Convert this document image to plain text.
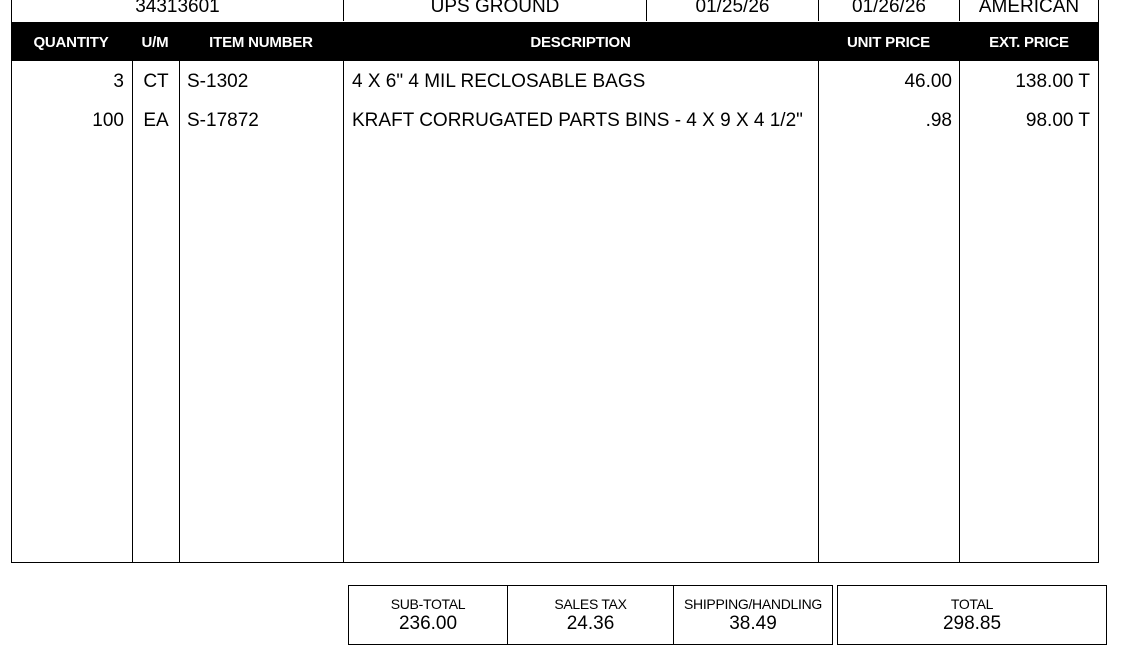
34313601	UPS GROUND	01/25/26	01/26/26	AMERICAN
QUANTITY	U/M	ITEM NUMBER	DESCRIPTION	UNIT PRICE	EXT. PRICE
3	CT S-1302	4 X 6" 4 MIL RECLOSABLE BAGS	46.00	138.00 T
100	EA S-17872	KRAFT CORRUGATED PARTS BINS - 4 X 9 X 4 1/2"	.98	98.00 T
SUB-TOTAL
236.00
SALES TAX
24.36
SHIPPING/HANDLING
38.49
TOTAL
298.85
